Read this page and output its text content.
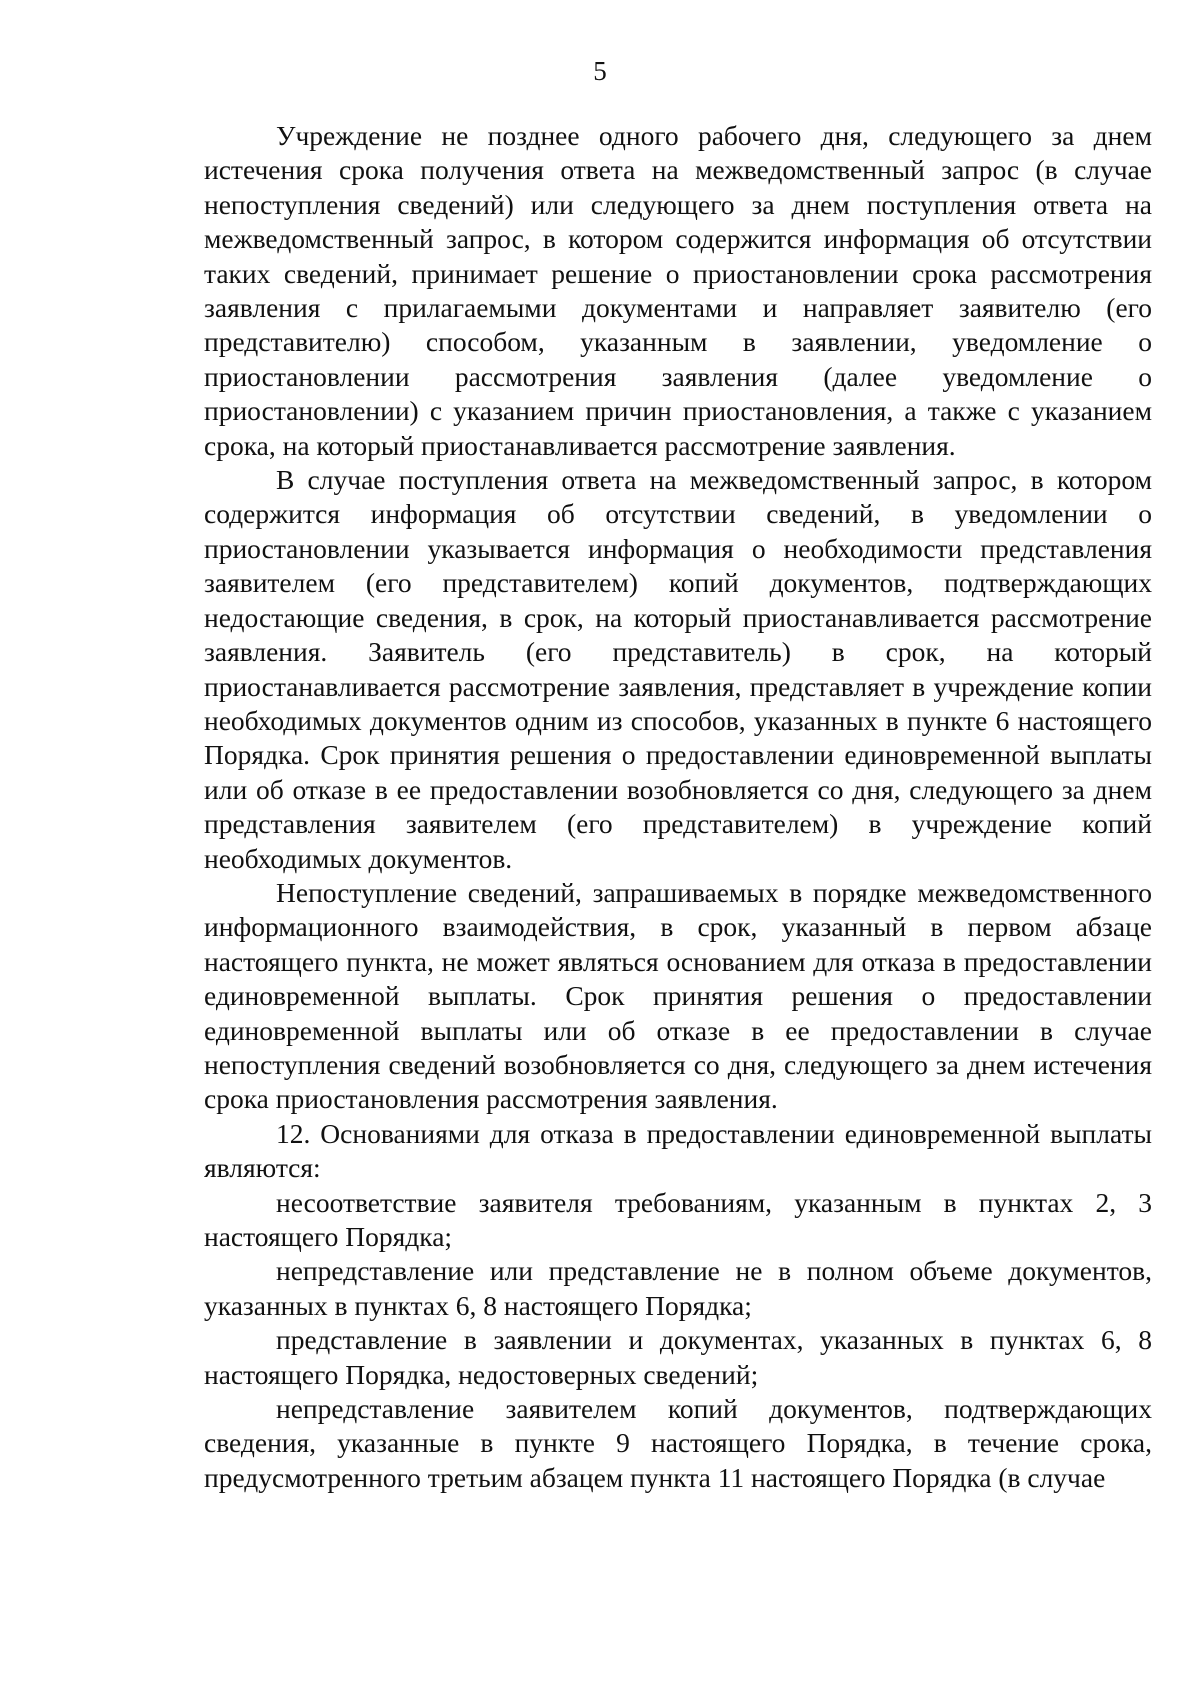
5

Учреждение не позднее одного рабочего дня, следующего за днем истечения срока получения ответа на межведомственный запрос (в случае непоступления сведений) или следующего за днем поступления ответа на межведомственный запрос, в котором содержится информация об отсутствии таких сведений, принимает решение о приостановлении срока рассмотрения заявления с прилагаемыми документами и направляет заявителю (его представителю) способом, указанным в заявлении, уведомление о приостановлении рассмотрения заявления (далее уведомление о приостановлении) с указанием причин приостановления, а также с указанием срока, на который приостанавливается рассмотрение заявления.

В случае поступления ответа на межведомственный запрос, в котором содержится информация об отсутствии сведений, в уведомлении о приостановлении указывается информация о необходимости представления заявителем (его представителем) копий документов, подтверждающих недостающие сведения, в срок, на который приостанавливается рассмотрение заявления. Заявитель (его представитель) в срок, на который приостанавливается рассмотрение заявления, представляет в учреждение копии необходимых документов одним из способов, указанных в пункте 6 настоящего Порядка. Срок принятия решения о предоставлении единовременной выплаты или об отказе в ее предоставлении возобновляется со дня, следующего за днем представления заявителем (его представителем) в учреждение копий необходимых документов.

Непоступление сведений, запрашиваемых в порядке межведомственного информационного взаимодействия, в срок, указанный в первом абзаце настоящего пункта, не может являться основанием для отказа в предоставлении единовременной выплаты. Срок принятия решения о предоставлении единовременной выплаты или об отказе в ее предоставлении в случае непоступления сведений возобновляется со дня, следующего за днем истечения срока приостановления рассмотрения заявления.

12. Основаниями для отказа в предоставлении единовременной выплаты являются:

несоответствие заявителя требованиям, указанным в пунктах 2, 3 настоящего Порядка;

непредставление или представление не в полном объеме документов, указанных в пунктах 6, 8 настоящего Порядка;

представление в заявлении и документах, указанных в пунктах 6, 8 настоящего Порядка, недостоверных сведений;

непредставление заявителем копий документов, подтверждающих сведения, указанные в пункте 9 настоящего Порядка, в течение срока, предусмотренного третьим абзацем пункта 11 настоящего Порядка (в случае
